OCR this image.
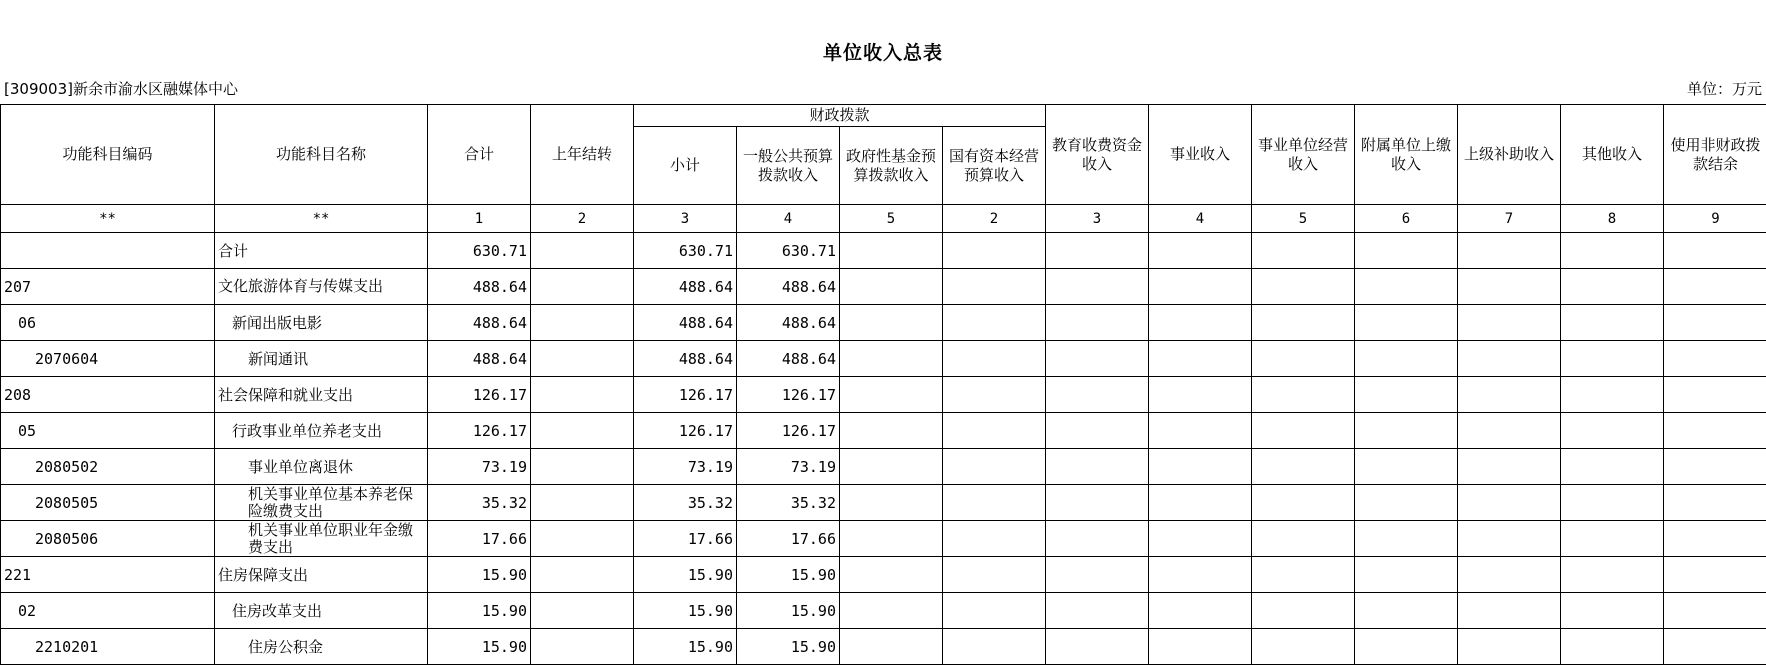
单位收入总表
[309003]新余市渝水区融媒体中心	单位：万元
功能科目编码	功能科目名称	合计	上年结转	财政拨款				教育收费资金收入	事业收入	事业单位经营收入	附属单位上缴收入	上级补助收入	其他收入	使用非财政拨款结余
				小计	一般公共预算拨款收入	政府性基金预算拨款收入	国有资本经营预算收入							
**	**	1	2	3	4	5	2	3	4	5	6	7	8	9
	合计	630.71		630.71	630.71									
207	文化旅游体育与传媒支出	488.64		488.64	488.64									
06	新闻出版电影	488.64		488.64	488.64									
2070604	新闻通讯	488.64		488.64	488.64									
208	社会保障和就业支出	126.17		126.17	126.17									
05	行政事业单位养老支出	126.17		126.17	126.17									
2080502	事业单位离退休	73.19		73.19	73.19									
2080505	机关事业单位基本养老保险缴费支出	35.32		35.32	35.32									
2080506	机关事业单位职业年金缴费支出	17.66		17.66	17.66									
221	住房保障支出	15.90		15.90	15.90									
02	住房改革支出	15.90		15.90	15.90									
2210201	住房公积金	15.90		15.90	15.90									
